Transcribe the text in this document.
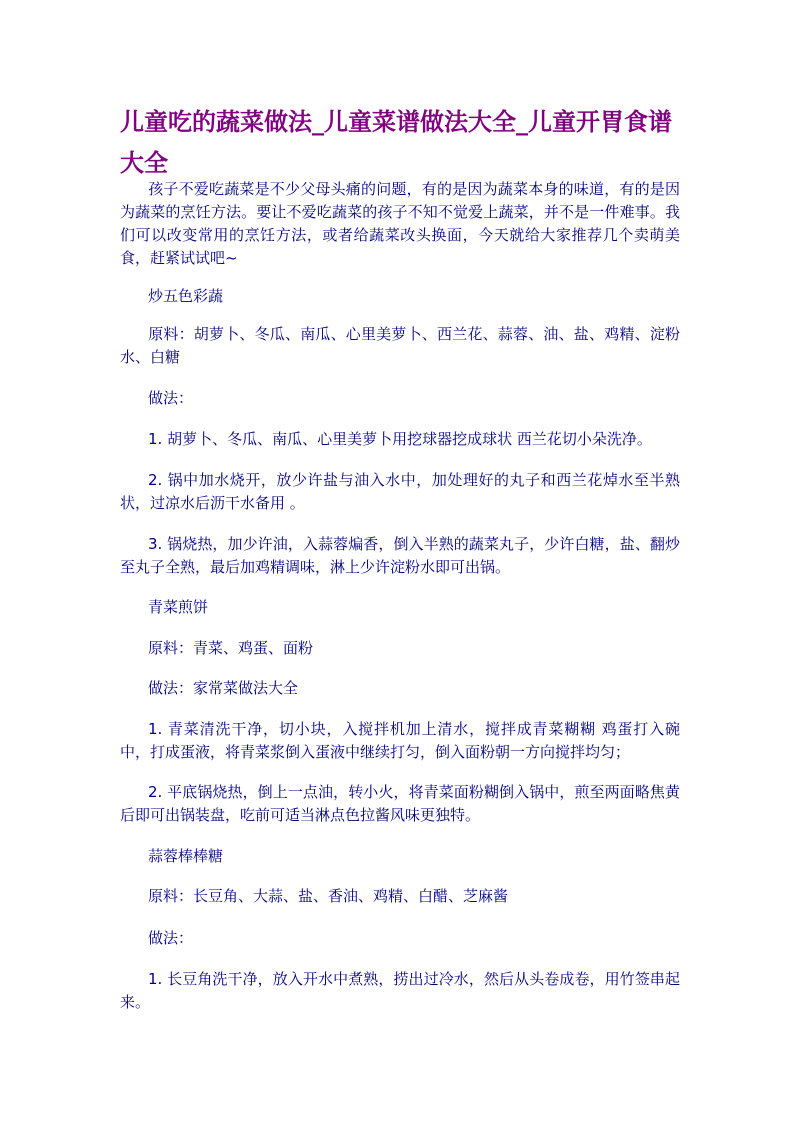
儿童吃的蔬菜做法_儿童菜谱做法大全_儿童开胃食谱大全

孩子不爱吃蔬菜是不少父母头痛的问题，有的是因为蔬菜本身的味道，有的是因为蔬菜的烹饪方法。要让不爱吃蔬菜的孩子不知不觉爱上蔬菜，并不是一件难事。我们可以改变常用的烹饪方法，或者给蔬菜改头换面，今天就给大家推荐几个卖萌美食，赶紧试试吧~

炒五色彩蔬

原料：胡萝卜、冬瓜、南瓜、心里美萝卜、西兰花、蒜蓉、油、盐、鸡精、淀粉水、白糖

做法：

1. 胡萝卜、冬瓜、南瓜、心里美萝卜用挖球器挖成球状 西兰花切小朵洗净。

2. 锅中加水烧开，放少许盐与油入水中，加处理好的丸子和西兰花焯水至半熟状，过凉水后沥干水备用 。

3. 锅烧热，加少许油，入蒜蓉煸香，倒入半熟的蔬菜丸子，少许白糖，盐、翻炒至丸子全熟，最后加鸡精调味，淋上少许淀粉水即可出锅。

青菜煎饼

原料：青菜、鸡蛋、面粉

做法：家常菜做法大全

1. 青菜清洗干净，切小块，入搅拌机加上清水，搅拌成青菜糊糊 鸡蛋打入碗中，打成蛋液，将青菜浆倒入蛋液中继续打匀，倒入面粉朝一方向搅拌均匀；

2. 平底锅烧热，倒上一点油，转小火，将青菜面粉糊倒入锅中，煎至两面略焦黄后即可出锅装盘，吃前可适当淋点色拉酱风味更独特。

蒜蓉棒棒糖

原料：长豆角、大蒜、盐、香油、鸡精、白醋、芝麻酱

做法：

1. 长豆角洗干净，放入开水中煮熟，捞出过冷水，然后从头卷成卷，用竹签串起来。
